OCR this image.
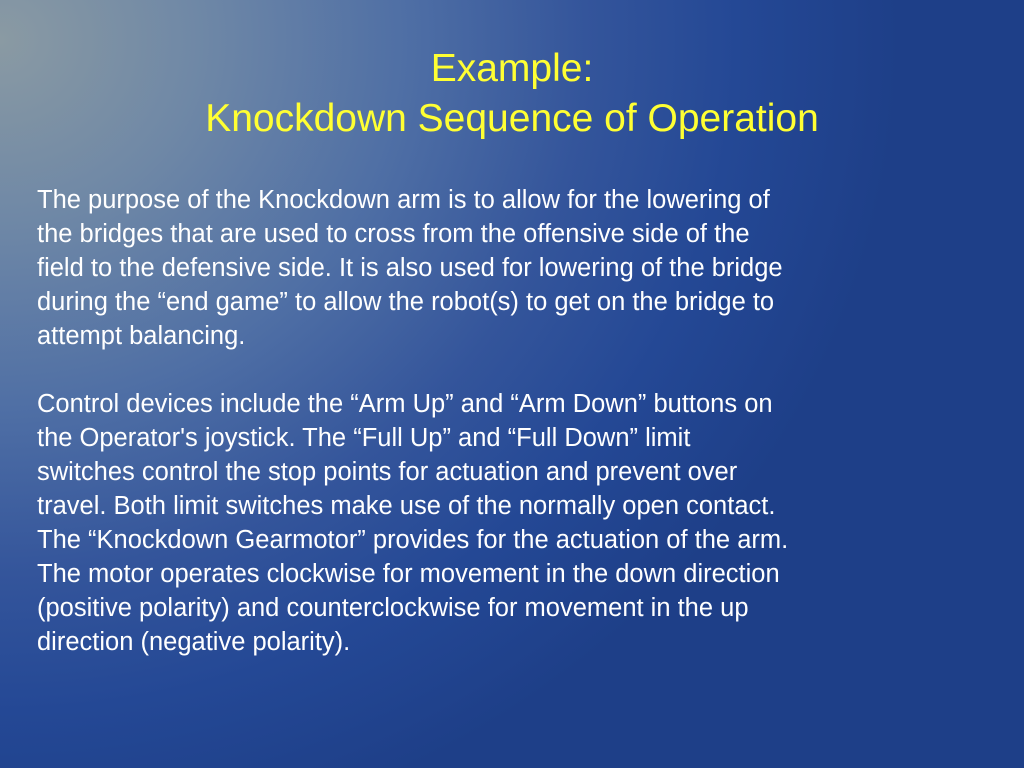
Example:
Knockdown Sequence of Operation

The purpose of the Knockdown arm is to allow for the lowering of
the bridges that are used to cross from the offensive side of the
field to the defensive side. It is also used for lowering of the bridge
during the “end game” to allow the robot(s) to get on the bridge to
attempt balancing.

Control devices include the “Arm Up” and “Arm Down” buttons on
the Operator's joystick. The “Full Up” and “Full Down” limit
switches control the stop points for actuation and prevent over
travel. Both limit switches make use of the normally open contact.
The “Knockdown Gearmotor” provides for the actuation of the arm.
The motor operates clockwise for movement in the down direction
(positive polarity) and counterclockwise for movement in the up
direction (negative polarity).
